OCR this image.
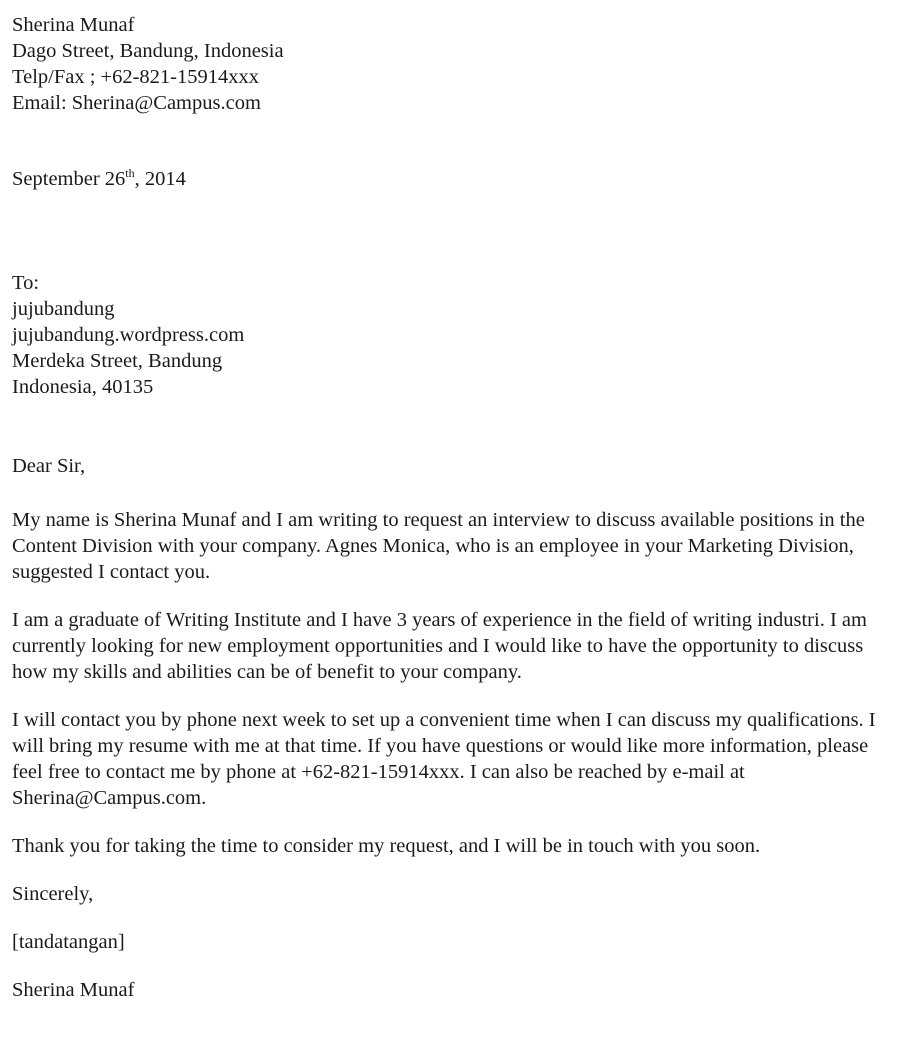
Sherina Munaf

Dago Street, Bandung, Indonesia

Telp/Fax ; +62-821-15914xxx

Email: Sherina@Campus.com

September 26th, 2014

To:

jujubandung

jujubandung.wordpress.com

Merdeka Street, Bandung

Indonesia, 40135

Dear Sir,

My name is Sherina Munaf and I am writing to request an interview to discuss available positions in the Content Division with your company. Agnes Monica, who is an employee in your Marketing Division, suggested I contact you.

I am a graduate of Writing Institute and I have 3 years of experience in the field of writing industri. I am currently looking for new employment opportunities and I would like to have the opportunity to discuss how my skills and abilities can be of benefit to your company.

I will contact you by phone next week to set up a convenient time when I can discuss my qualifications. I will bring my resume with me at that time. If you have questions or would like more information, please feel free to contact me by phone at +62-821-15914xxx. I can also be reached by e-mail at Sherina@Campus.com.

Thank you for taking the time to consider my request, and I will be in touch with you soon.

Sincerely,
[tandatangan]
Sherina Munaf
